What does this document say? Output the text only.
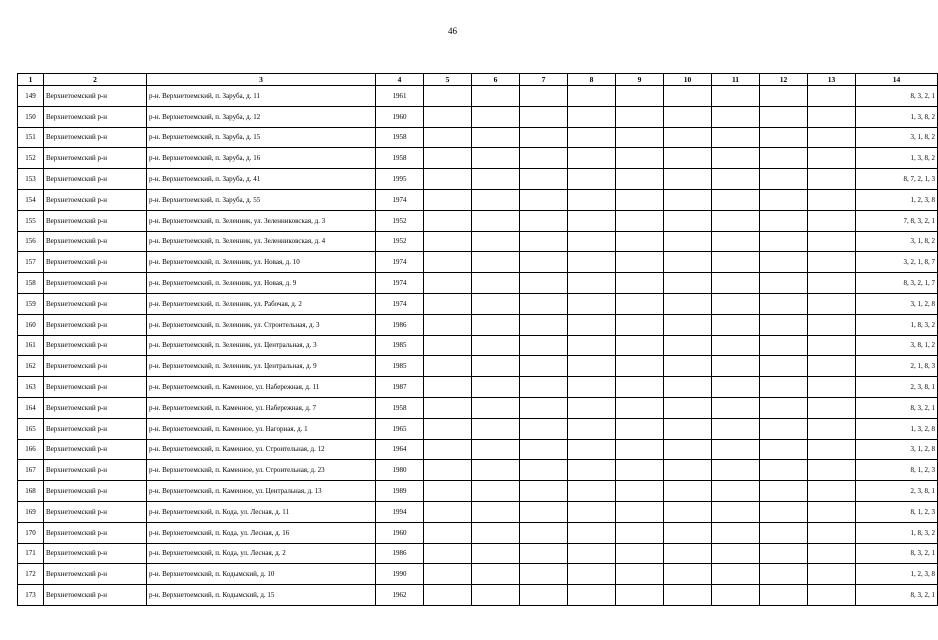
46
1	2	3	4	5	6	7	8	9	10	11	12	13	14
149	Верхнетоемский р-н	р-н. Верхнетоемский, п. Заруба, д. 11	1961										8, 3, 2, 1
150	Верхнетоемский р-н	р-н. Верхнетоемский, п. Заруба, д. 12	1960										1, 3, 8, 2
151	Верхнетоемский р-н	р-н. Верхнетоемский, п. Заруба, д. 15	1958										3, 1, 8, 2
152	Верхнетоемский р-н	р-н. Верхнетоемский, п. Заруба, д. 16	1958										1, 3, 8, 2
153	Верхнетоемский р-н	р-н. Верхнетоемский, п. Заруба, д. 41	1995										8, 7, 2, 1, 3
154	Верхнетоемский р-н	р-н. Верхнетоемский, п. Заруба, д. 55	1974										1, 2, 3, 8
155	Верхнетоемский р-н	р-н. Верхнетоемский, п. Зеленник, ул. Зеленниковская, д. 3	1952										7, 8, 3, 2, 1
156	Верхнетоемский р-н	р-н. Верхнетоемский, п. Зеленник, ул. Зеленниковская, д. 4	1952										3, 1, 8, 2
157	Верхнетоемский р-н	р-н. Верхнетоемский, п. Зеленник, ул. Новая, д. 10	1974										3, 2, 1, 8, 7
158	Верхнетоемский р-н	р-н. Верхнетоемский, п. Зеленник, ул. Новая, д. 9	1974										8, 3, 2, 1, 7
159	Верхнетоемский р-н	р-н. Верхнетоемский, п. Зеленник, ул. Рабочая, д. 2	1974										3, 1, 2, 8
160	Верхнетоемский р-н	р-н. Верхнетоемский, п. Зеленник, ул. Строительная, д. 3	1986										1, 8, 3, 2
161	Верхнетоемский р-н	р-н. Верхнетоемский, п. Зеленник, ул. Центральная, д. 3	1985										3, 8, 1, 2
162	Верхнетоемский р-н	р-н. Верхнетоемский, п. Зеленник, ул. Центральная, д. 9	1985										2, 1, 8, 3
163	Верхнетоемский р-н	р-н. Верхнетоемский, п. Каменное, ул. Набережная, д. 11	1987										2, 3, 8, 1
164	Верхнетоемский р-н	р-н. Верхнетоемский, п. Каменное, ул. Набережная, д. 7	1958										8, 3, 2, 1
165	Верхнетоемский р-н	р-н. Верхнетоемский, п. Каменное, ул. Нагорная, д. 1	1965										1, 3, 2, 8
166	Верхнетоемский р-н	р-н. Верхнетоемский, п. Каменное, ул. Строительная, д. 12	1964										3, 1, 2, 8
167	Верхнетоемский р-н	р-н. Верхнетоемский, п. Каменное, ул. Строительная, д. 23	1980										8, 1, 2, 3
168	Верхнетоемский р-н	р-н. Верхнетоемский, п. Каменное, ул. Центральная, д. 13	1989										2, 3, 8, 1
169	Верхнетоемский р-н	р-н. Верхнетоемский, п. Кода, ул. Лесная, д. 11	1994										8, 1, 2, 3
170	Верхнетоемский р-н	р-н. Верхнетоемский, п. Кода, ул. Лесная, д. 16	1960										1, 8, 3, 2
171	Верхнетоемский р-н	р-н. Верхнетоемский, п. Кода, ул. Лесная, д. 2	1986										8, 3, 2, 1
172	Верхнетоемский р-н	р-н. Верхнетоемский, п. Кодымский, д. 10	1990										1, 2, 3, 8
173	Верхнетоемский р-н	р-н. Верхнетоемский, п. Кодымский, д. 15	1962										8, 3, 2, 1
